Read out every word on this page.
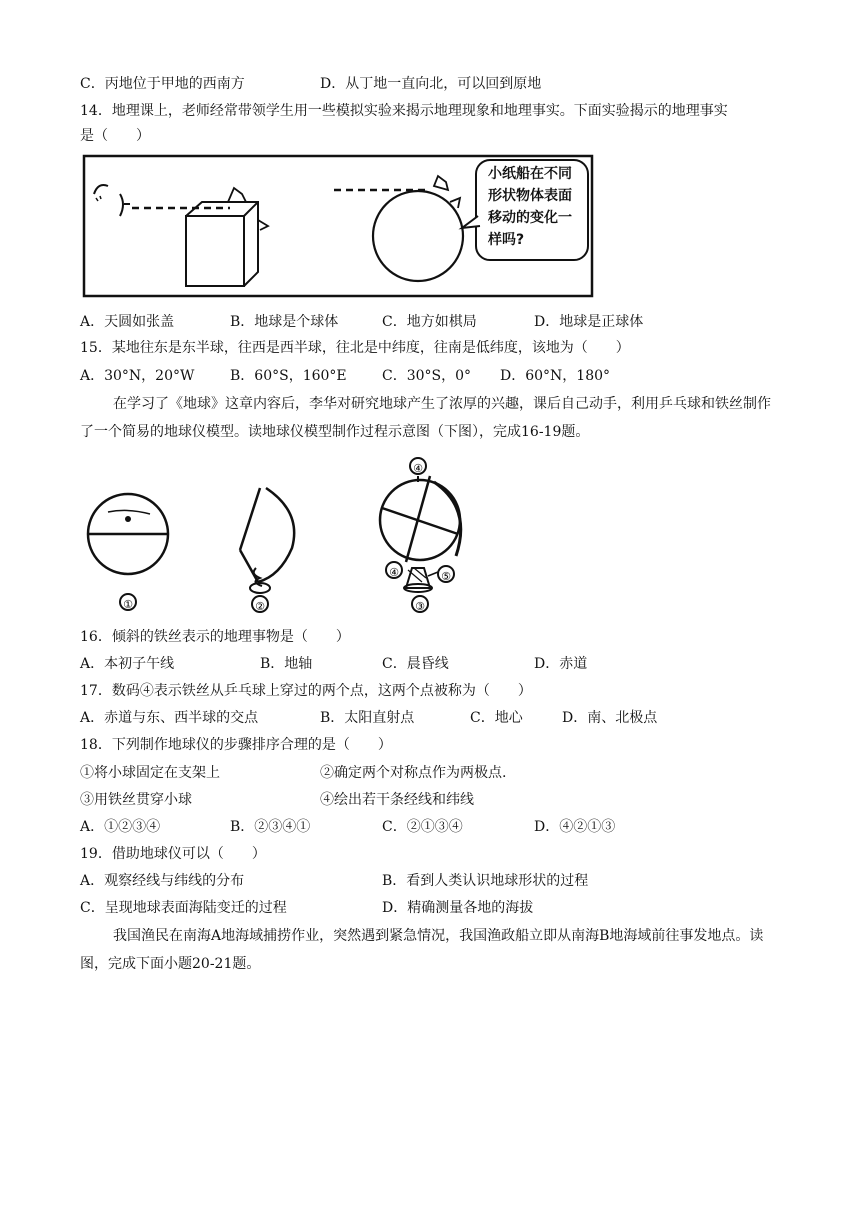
C．丙地位于甲地的西南方	D．从丁地一直向北，可以回到原地
14．地理课上，老师经常带领学生用一些模拟实验来揭示地理现象和地理事实。下面实验揭示的地理事实
是（　　）
小纸船在不同
形状物体表面
移动的变化一
样吗?
A．天圆如张盖	B．地球是个球体	C．地方如棋局	D．地球是正球体
15．某地往东是东半球，往西是西半球，往北是中纬度，往南是低纬度，该地为（　　）
A．30°N，20°W	B．60°S，160°E	C．30°S，0° D．60°N，180°
在学习了《地球》这章内容后，李华对研究地球产生了浓厚的兴趣，课后自己动手，利用乒乓球和铁丝制作了一个简易的地球仪模型。读地球仪模型制作过程示意图（下图），完成16-19题。
①	②	③
④
④	⑤
16．倾斜的铁丝表示的地理事物是（　　）
A．本初子午线	B．地轴	C．晨昏线	D．赤道
17．数码④表示铁丝从乒乓球上穿过的两个点，这两个点被称为（　　）
A．赤道与东、西半球的交点	B．太阳直射点	C．地心	D．南、北极点
18．下列制作地球仪的步骤排序合理的是（　　）
①将小球固定在支架上	②确定两个对称点作为两极点.
③用铁丝贯穿小球	④绘出若干条经线和纬线
A．①②③④	B．②③④①	C．②①③④	D．④②①③
19．借助地球仪可以（　　）
A．观察经线与纬线的分布	B．看到人类认识地球形状的过程
C．呈现地球表面海陆变迁的过程	D．精确测量各地的海拔
我国渔民在南海A地海域捕捞作业，突然遇到紧急情况，我国渔政船立即从南海B地海域前往事发地点。读图，完成下面小题20-21题。
